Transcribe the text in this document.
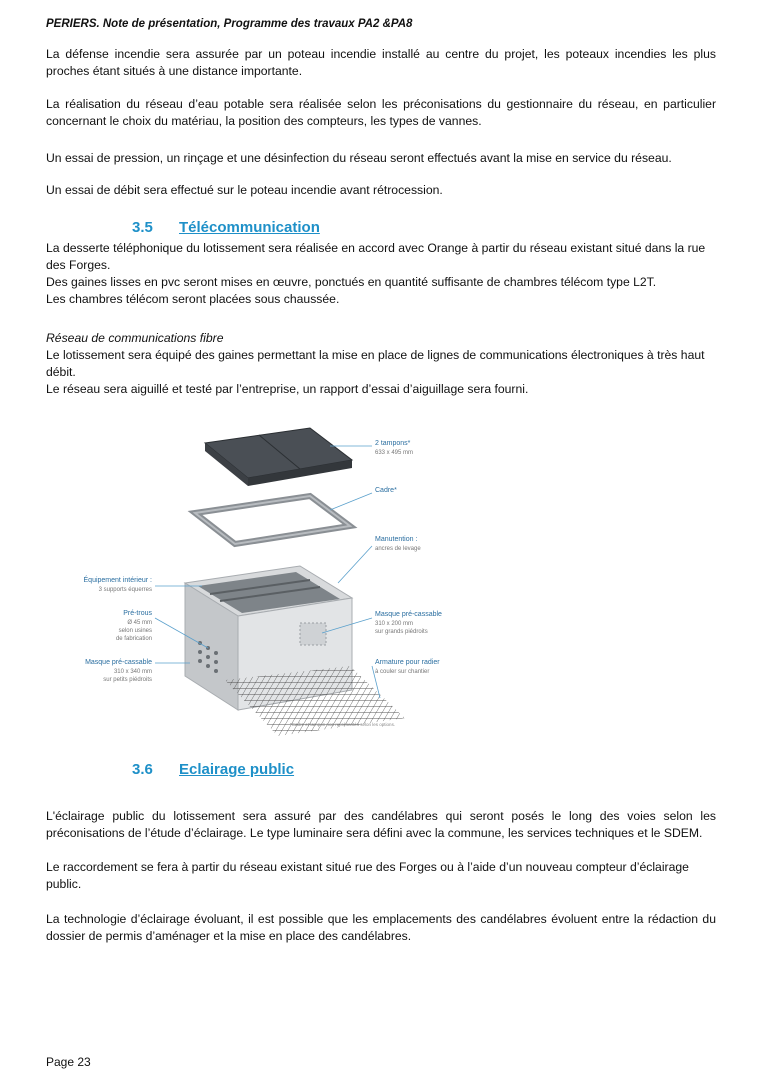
PERIERS. Note de présentation, Programme des travaux PA2 &PA8

La défense incendie sera assurée par un poteau incendie installé au centre du projet, les poteaux incendies les plus proches étant situés à une distance importante.

La réalisation du réseau d’eau potable sera réalisée selon les préconisations du gestionnaire du réseau, en particulier concernant le choix du matériau, la position des compteurs, les types de vannes.

Un essai de pression, un rinçage et une désinfection du réseau seront effectués avant la mise en service du réseau.

Un essai de débit sera effectué sur le poteau incendie avant rétrocession.

3.5 Télécommunication
La desserte téléphonique du lotissement sera réalisée en accord avec Orange à partir du réseau existant situé dans la rue des Forges.
Des gaines lisses en pvc seront mises en œuvre, ponctués en quantité suffisante de chambres télécom type L2T.
Les chambres télécom seront placées sous chaussée.
Réseau de communications fibre
Le lotissement sera équipé des gaines permettant la mise en place de lignes de communications électroniques à très haut débit.
Le réseau sera aiguillé et testé par l’entreprise, un rapport d’essai d’aiguillage sera fourni.
2 tampons*
633 x 495 mm
Cadre*
Manutention :
ancres de levage
Masque pré-cassable
310 x 200 mm
sur grands piédroits
Armature pour radier
à couler sur chantier
Équipement intérieur :
3 supports équerres
Pré-trous
Ø 45 mm
selon usines
de fabrication
Masque pré-cassable
310 x 340 mm
sur petits piédroits
*Cadre et tampon non représentés selon les options.
3.6 Eclairage public

L'éclairage public du lotissement sera assuré par des candélabres qui seront posés le long des voies selon les préconisations de l’étude d’éclairage. Le type luminaire sera défini avec la commune, les services techniques et le SDEM.

Le raccordement se fera à partir du réseau existant situé rue des Forges ou à l’aide d’un nouveau compteur d’éclairage public.

La technologie d’éclairage évoluant, il est possible que les emplacements des candélabres évoluent entre la rédaction du dossier de permis d’aménager et la mise en place des candélabres.

Page 23
